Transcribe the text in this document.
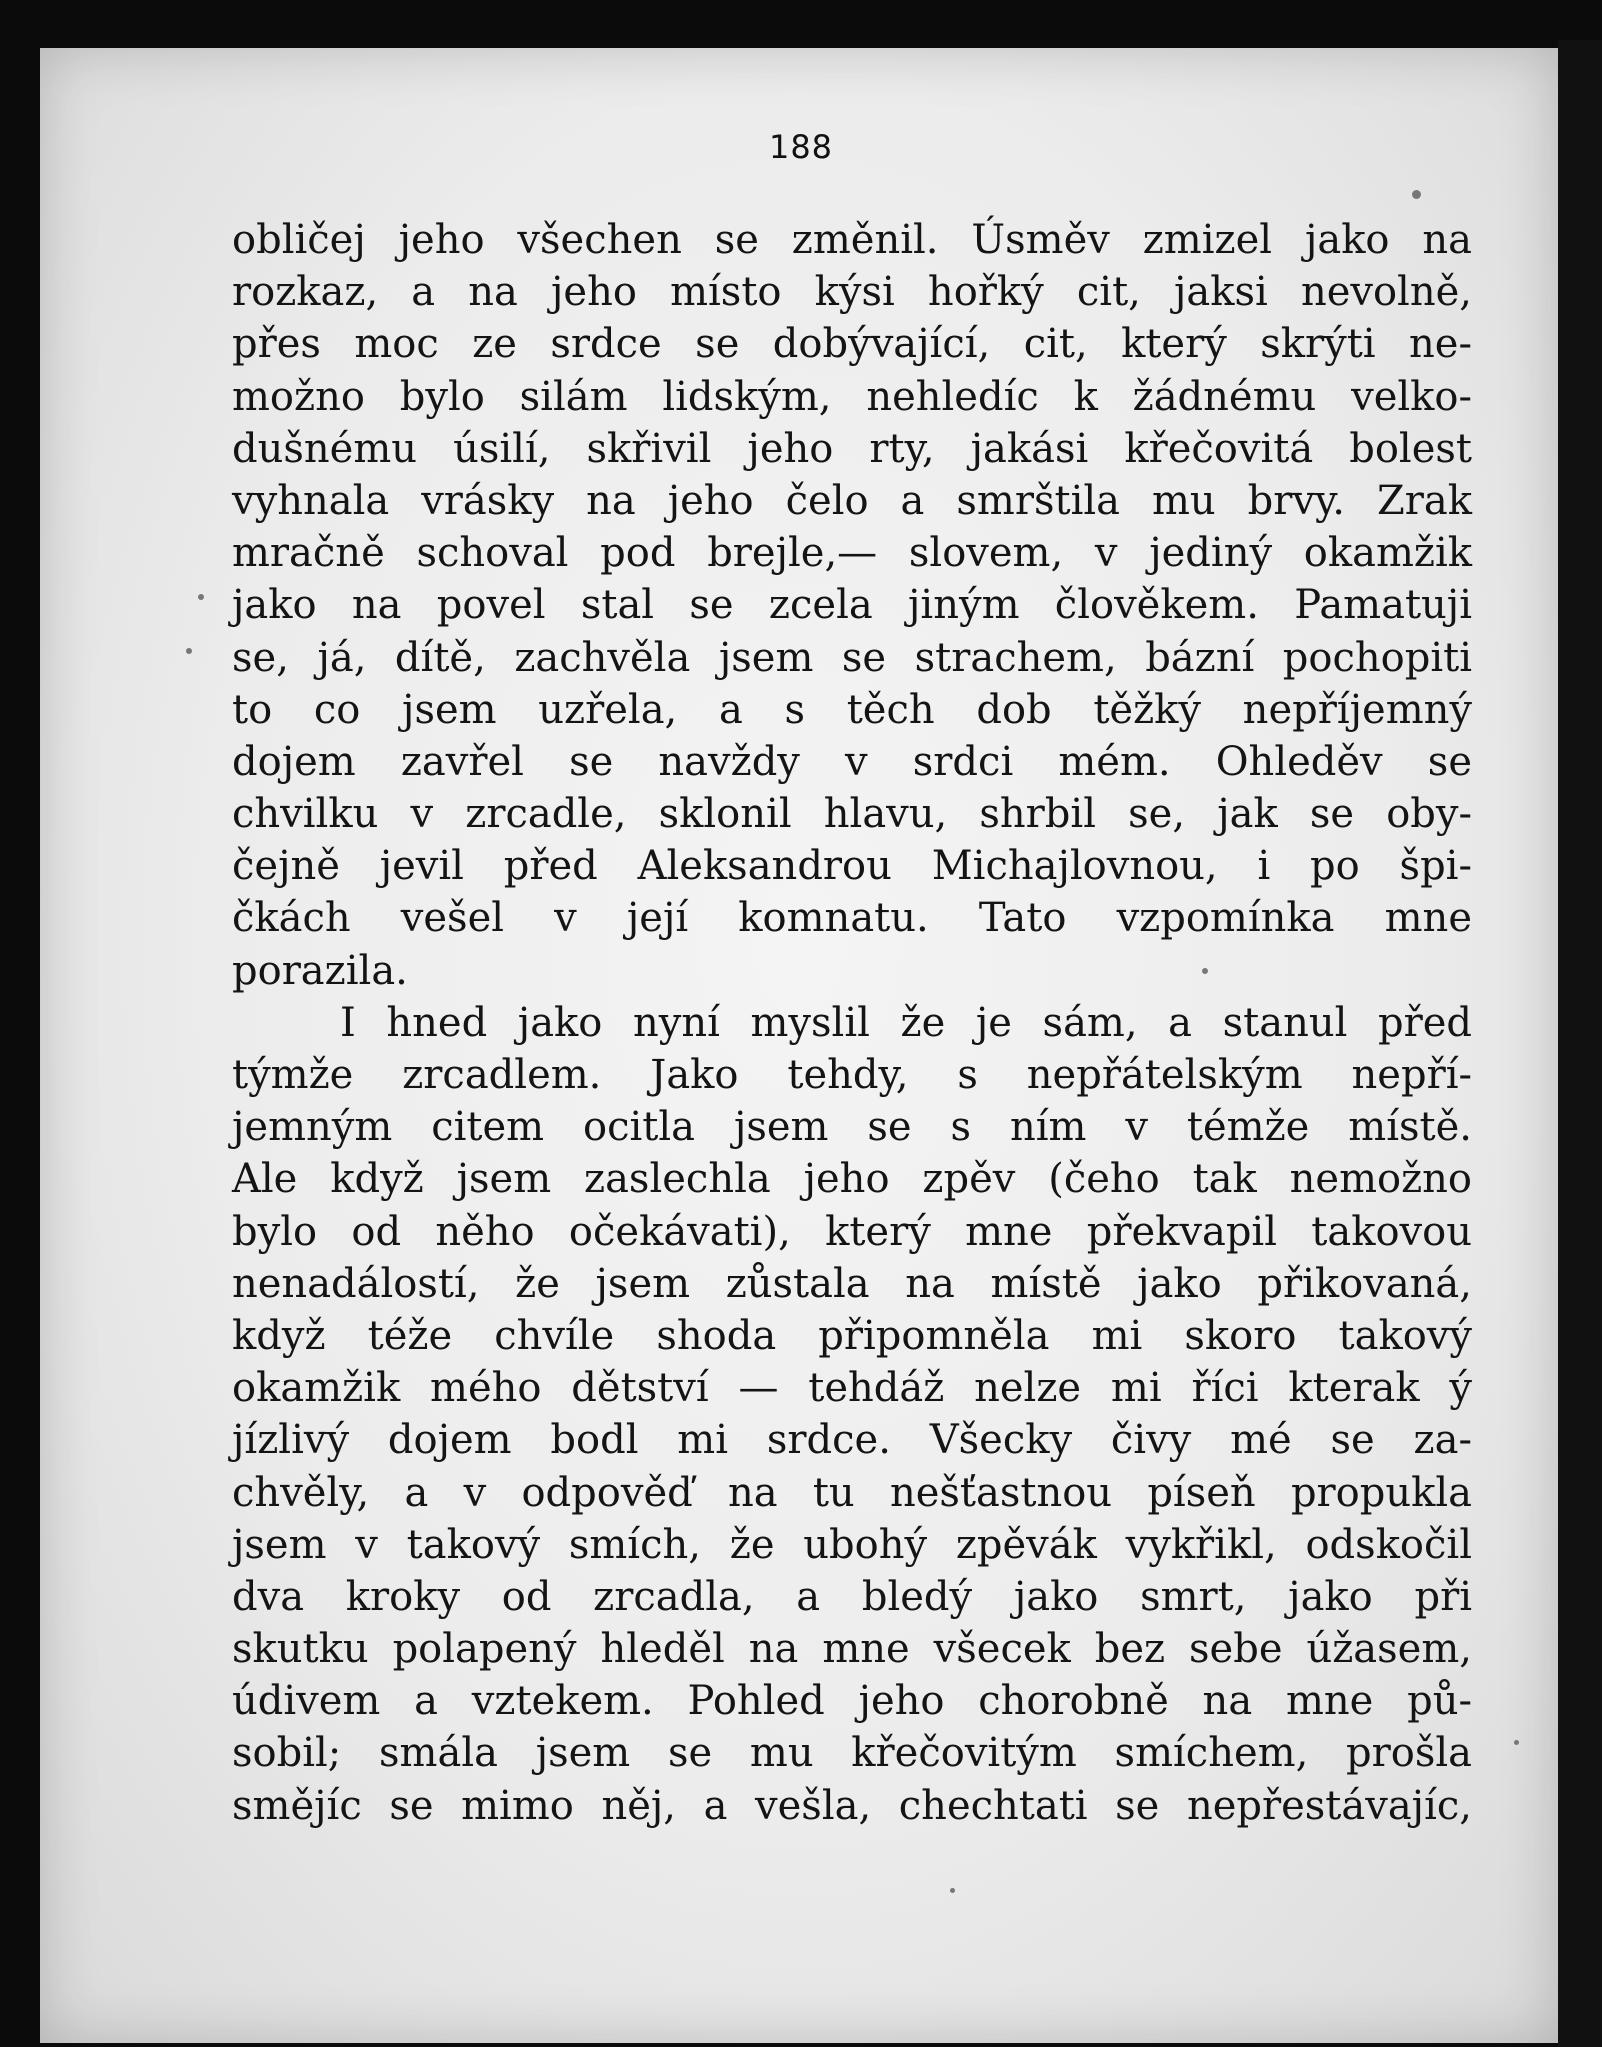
188
obličej jeho všechen se změnil. Úsměv zmizel jako na
rozkaz, a na jeho místo kýsi hořký cit, jaksi nevolně,
přes moc ze srdce se dobývající, cit, který skrýti ne-
možno bylo silám lidským, nehledíc k žádnému velko-
dušnému úsilí, skřivil jeho rty, jakási křečovitá bolest
vyhnala vrásky na jeho čelo a smrštila mu brvy. Zrak
mračně schoval pod brejle,— slovem, v jediný okamžik
jako na povel stal se zcela jiným člověkem. Pamatuji
se, já, dítě, zachvěla jsem se strachem, bázní pochopiti
to co jsem uzřela, a s těch dob těžký nepříjemný
dojem zavřel se navždy v srdci mém. Ohleděv se
chvilku v zrcadle, sklonil hlavu, shrbil se, jak se oby-
čejně jevil před Aleksandrou Michajlovnou, i po špi-
čkách vešel v její komnatu. Tato vzpomínka mne
porazila.
I hned jako nyní myslil že je sám, a stanul před
týmže zrcadlem. Jako tehdy, s nepřátelským nepří-
jemným citem ocitla jsem se s ním v témže místě.
Ale když jsem zaslechla jeho zpěv (čeho tak nemožno
bylo od něho očekávati), který mne překvapil takovou
nenadálostí, že jsem zůstala na místě jako přikovaná,
když téže chvíle shoda připomněla mi skoro takový
okamžik mého dětství — tehdáž nelze mi říci kterak ý
jízlivý dojem bodl mi srdce. Všecky čivy mé se za-
chvěly, a v odpověď na tu nešťastnou píseň propukla
jsem v takový smích, že ubohý zpěvák vykřikl, odskočil
dva kroky od zrcadla, a bledý jako smrt, jako při
skutku polapený hleděl na mne všecek bez sebe úžasem,
údivem a vztekem. Pohled jeho chorobně na mne pů-
sobil; smála jsem se mu křečovitým smíchem, prošla
smějíc se mimo něj, a vešla, chechtati se nepřestávajíc,
